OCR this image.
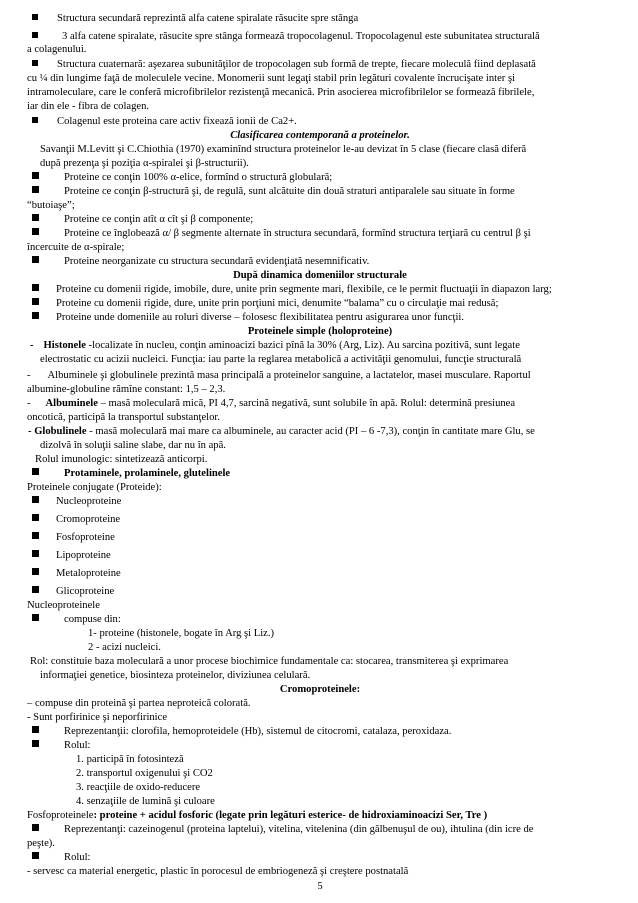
Structura secundară reprezintă alfa catene spiralate răsucite spre stânga
3 alfa catene spiralate, răsucite spre stânga formează tropocolagenul. Tropocolagenul este subunitatea structurală
a colagenului.
Structura cuaternară: aşezarea subunităţilor de tropocolagen sub formă de trepte, fiecare moleculă fiind deplasată
cu ¼ din lungime faţă de moleculele vecine. Monomerii sunt legaţi stabil prin legături covalente încrucişate inter şi
intramoleculare, care le conferă microfibrilelor rezistenţă mecanică. Prin asocierea microfibrilelor se formează fibrilele,
iar din ele - fibra de colagen.
Colagenul este proteina care activ fixează ionii de Ca2+.
Clasificarea contemporană a proteinelor.
Savanţii M.Levitt şi C.Chiothia (1970) examinînd structura proteinelor le-au devizat în 5 clase (fiecare clasă diferă
după prezenţa şi poziţia α-spiralei şi β-structurii).
Proteine ce conţin 100% α-elice, formînd o structură globulară;
Proteine ce conţin β-structură şi, de regulă, sunt alcătuite din două straturi antiparalele sau situate în forme
“butoiaşe”;
Proteine ce conţin atît α cît şi β componente;
Proteine ce înglobează α/ β segmente alternate în structura secundară, formînd structura terţiară cu centrul β şi
încercuite de α-spirale;
Proteine neorganizate cu structura secundară evidenţiată nesemnificativ.
După dinamica domeniilor structurale
Proteine cu domenii rigide, imobile, dure, unite prin segmente mari, flexibile, ce le permit fluctuaţii în diapazon larg;
Proteine cu domenii rigide, dure, unite prin porţiuni mici, denumite “balama” cu o circulaţie mai redusă;
Proteine unde domeniile au roluri diverse – folosesc flexibilitatea pentru asigurarea unor funcţii.
Proteinele simple (holoproteine)
- Histonele -localizate în nucleu, conţin aminoacizi bazici pînă la 30% (Arg, Liz). Au sarcina pozitivă, sunt legate
electrostatic cu acizii nucleici. Funcţia: iau parte la reglarea metabolică a activităţii genomului, funcţie structurală
- Albuminele şi globulinele prezintă masa principală a proteinelor sanguine, a lactatelor, masei musculare. Raportul
albumine-globuline rămîne constant: 1,5 – 2,3.
- Albuminele – masă moleculară mică, PI 4,7, sarcină negativă, sunt solubile în apă. Rolul: determină presiunea
oncotică, participă la transportul substanţelor.
- Globulinele - masă moleculară mai mare ca albuminele, au caracter acid (PI – 6 -7,3), conţin în cantitate mare Glu, se
dizolvă în soluţii saline slabe, dar nu în apă.
Rolul imunologic: sintetizează anticorpi.
Protaminele, prolaminele, glutelinele
Proteinele conjugate (Proteide):
Nucleoproteine
Cromoproteine
Fosfoproteine
Lipoproteine
Metaloproteine
Glicoproteine
Nucleoproteinele
compuse din:
1- proteine (histonele, bogate în Arg şi Liz.)
2 - acizi nucleici.
Rol: constituie baza moleculară a unor procese biochimice fundamentale ca: stocarea, transmiterea şi exprimarea
informaţiei genetice, biosinteza proteinelor, diviziunea celulară.
Cromoproteinele:
– compuse din proteină şi partea neproteică colorată.
- Sunt porfirinice şi neporfirinice
Reprezentanţii: clorofila, hemoproteidele (Hb), sistemul de citocromi, catalaza, peroxidaza.
Rolul:
1. participă în fotosinteză
2. transportul oxigenului şi CO2
3. reacţiile de oxido-reducere
4. senzaţiile de lumină şi culoare
Fosfoproteinele: proteine + acidul fosforic (legate prin legături esterice- de hidroxiaminoacizi Ser, Tre )
Reprezentanţi: cazeinogenul (proteina laptelui), vitelina, vitelenina (din gălbenuşul de ou), ihtulina (din icre de
peşte).
Rolul:
- servesc ca material energetic, plastic în porocesul de embriogeneză şi creştere postnatală
5
